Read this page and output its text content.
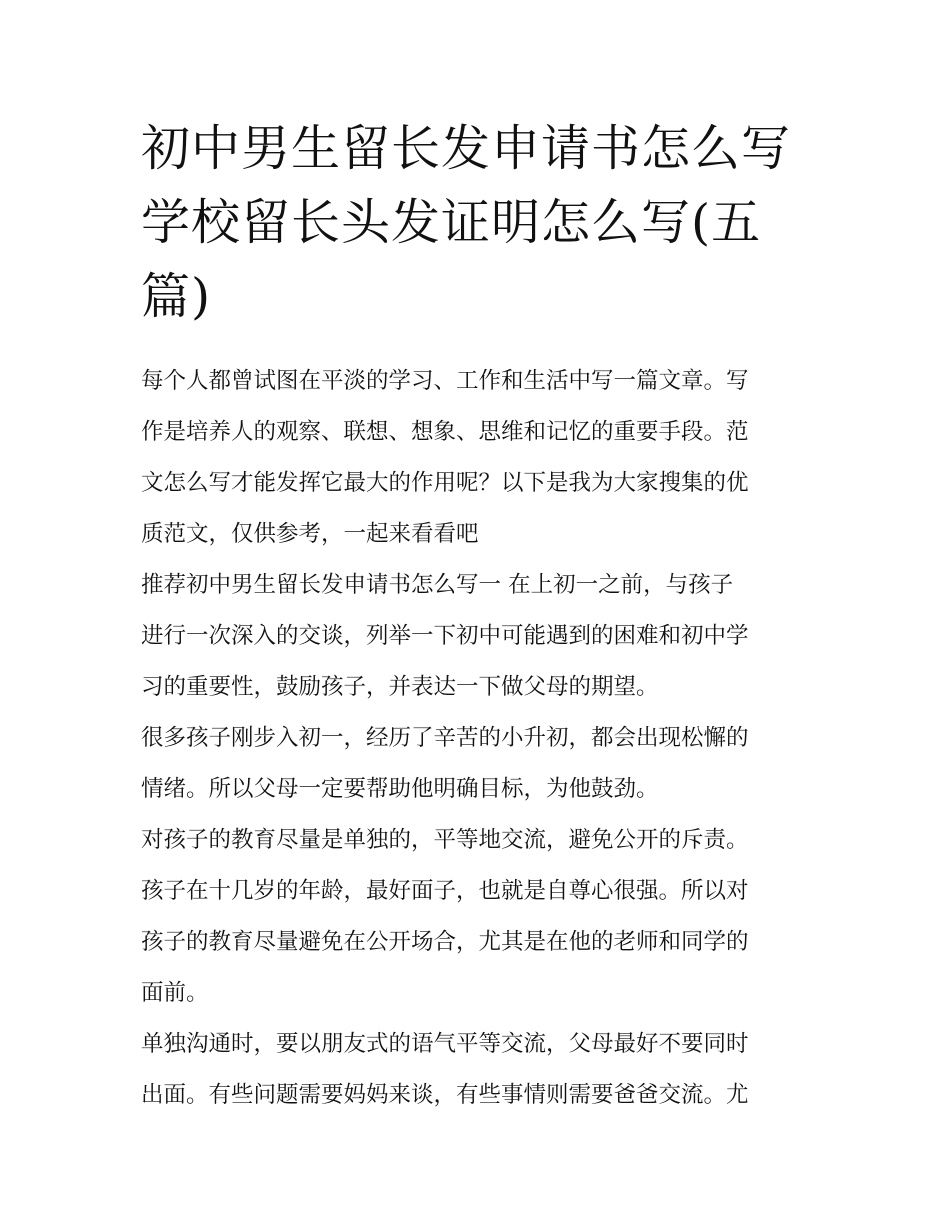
初中男生留长发申请书怎么写
学校留长头发证明怎么写(五
篇)

每个人都曾试图在平淡的学习、工作和生活中写一篇文章。写
作是培养人的观察、联想、想象、思维和记忆的重要手段。范
文怎么写才能发挥它最大的作用呢？以下是我为大家搜集的优
质范文，仅供参考，一起来看看吧

推荐初中男生留长发申请书怎么写一 在上初一之前，与孩子
进行一次深入的交谈，列举一下初中可能遇到的困难和初中学
习的重要性，鼓励孩子，并表达一下做父母的期望。

很多孩子刚步入初一，经历了辛苦的小升初，都会出现松懈的
情绪。所以父母一定要帮助他明确目标，为他鼓劲。

对孩子的教育尽量是单独的，平等地交流，避免公开的斥责。
孩子在十几岁的年龄，最好面子，也就是自尊心很强。所以对
孩子的教育尽量避免在公开场合，尤其是在他的老师和同学的
面前。

单独沟通时，要以朋友式的语气平等交流，父母最好不要同时
出面。有些问题需要妈妈来谈，有些事情则需要爸爸交流。尤
